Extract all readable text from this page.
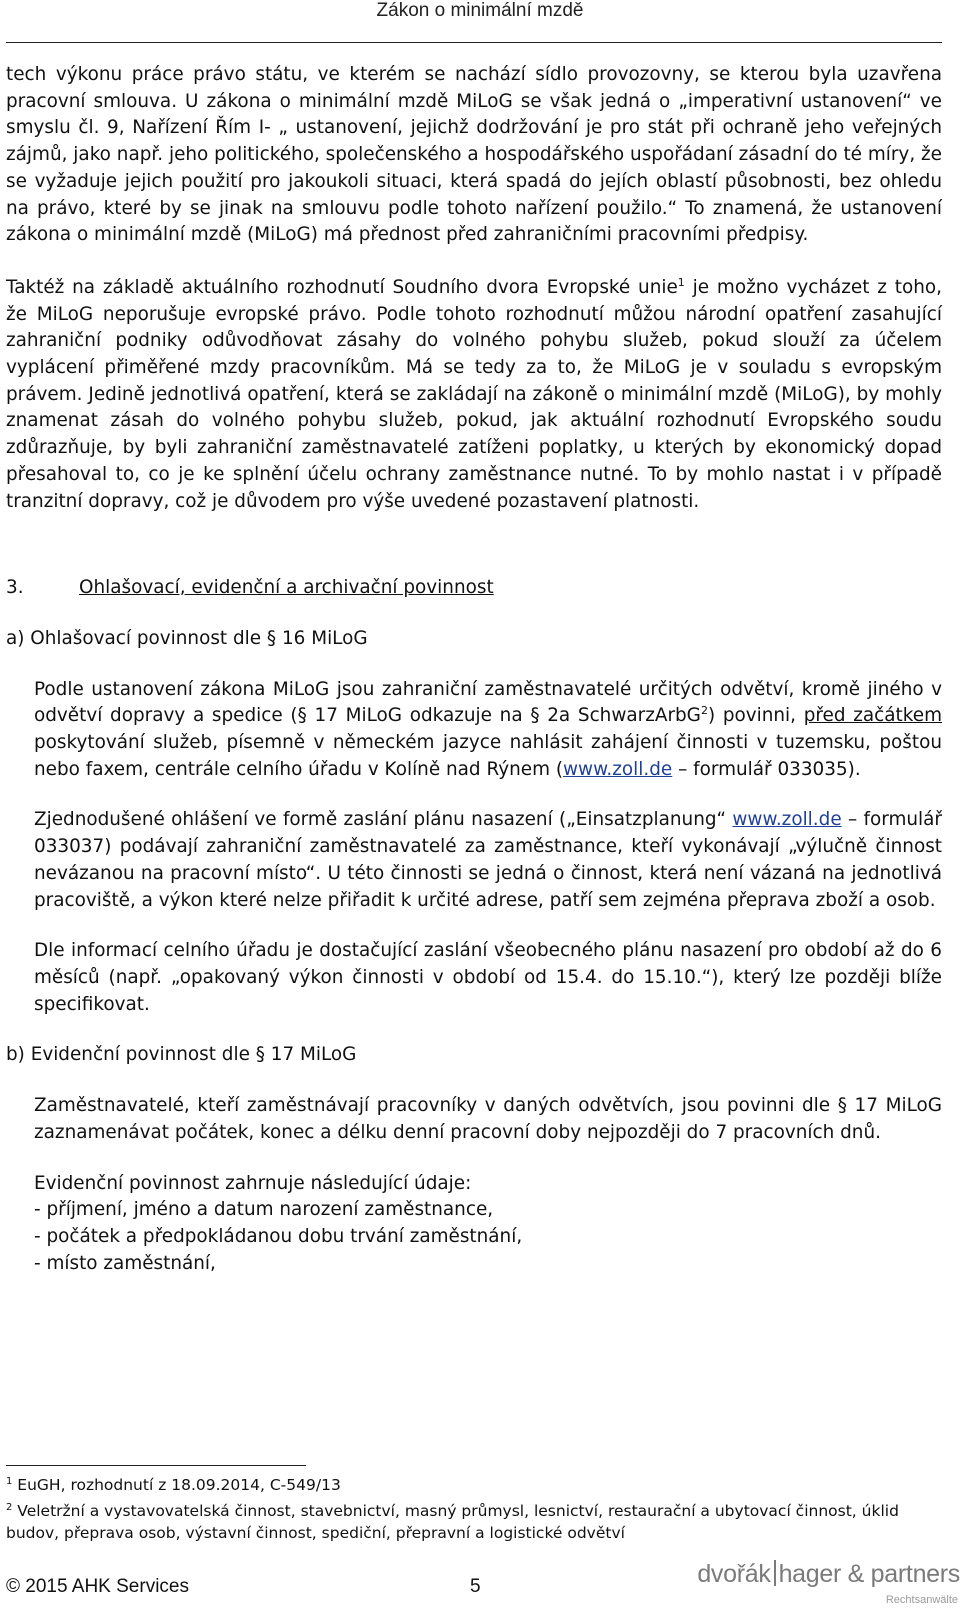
Zákon o minimální mzdě

tech výkonu práce právo státu, ve kterém se nachází sídlo provozovny, se kterou byla uzavřena pracovní smlouva. U zákona o minimální mzdě MiLoG se však jedná o „imperativní ustanovení“ ve smyslu čl. 9, Nařízení Řím I- „ ustanovení, jejichž dodržování je pro stát při ochraně jeho veřejných zájmů, jako např. jeho politického, společenského a hospodářského uspořádaní zásadní do té míry, že se vyžaduje jejich použití pro jakoukoli situaci, která spadá do jejích oblastí působnosti, bez ohledu na právo, které by se jinak na smlouvu podle tohoto nařízení použilo.“ To znamená, že ustanovení zákona o minimální mzdě (MiLoG) má přednost před zahraničními pracovními předpisy.

Taktéž na základě aktuálního rozhodnutí Soudního dvora Evropské unie$^1$ je možno vycházet z toho, že MiLoG neporušuje evropské právo. Podle tohoto rozhodnutí můžou národní opatření zasahující zahraniční podniky odůvodňovat zásahy do volného pohybu služeb, pokud slouží za účelem vyplácení přiměřené mzdy pracovníkům. Má se tedy za to, že MiLoG je v souladu s evropským právem. Jedině jednotlivá opatření, která se zakládají na zákoně o minimální mzdě (MiLoG), by mohly znamenat zásah do volného pohybu služeb, pokud, jak aktuální rozhodnutí Evropského soudu zdůrazňuje, by byli zahraniční zaměstnavatelé zatíženi poplatky, u kterých by ekonomický dopad přesahoval to, co je ke splnění účelu ochrany zaměstnance nutné. To by mohlo nastat i v případě tranzitní dopravy, což je důvodem pro výše uvedené pozastavení platnosti.

3.	Ohlašovací, evidenční a archivační povinnost

a) Ohlašovací povinnost dle § 16 MiLoG

Podle ustanovení zákona MiLoG jsou zahraniční zaměstnavatelé určitých odvětví, kromě jiného v odvětví dopravy a spedice (§ 17 MiLoG odkazuje na § 2a SchwarzArbG$^2$) povinni, před začátkem poskytování služeb, písemně v německém jazyce nahlásit zahájení činnosti v tuzemsku, poštou nebo faxem, centrále celního úřadu v Kolíně nad Rýnem (www.zoll.de – formulář 033035).

Zjednodušené ohlášení ve formě zaslání plánu nasazení („Einsatzplanung“ www.zoll.de – formulář 033037) podávají zahraniční zaměstnavatelé za zaměstnance, kteří vykonávají „výlučně činnost nevázanou na pracovní místo“. U této činnosti se jedná o činnost, která není vázaná na jednotlivá pracoviště, a výkon které nelze přiřadit k určité adrese, patří sem zejména přeprava zboží a osob.

Dle informací celního úřadu je dostačující zaslání všeobecného plánu nasazení pro období až do 6 měsíců (např. „opakovaný výkon činnosti v období od 15.4. do 15.10.“), který lze později blíže specifikovat.

b) Evidenční povinnost dle § 17 MiLoG

Zaměstnavatelé, kteří zaměstnávají pracovníky v daných odvětvích, jsou povinni dle § 17 MiLoG zaznamenávat počátek, konec a délku denní pracovní doby nejpozději do 7 pracovních dnů.

Evidenční povinnost zahrnuje následující údaje:

- příjmení, jméno a datum narození zaměstnance,

- počátek a předpokládanou dobu trvání zaměstnání,

- místo zaměstnání,

$^1$ EuGH, rozhodnutí z 18.09.2014, C-549/13
$^2$ Veletržní a vystavovatelská činnost, stavebnictví, masný průmysl, lesnictví, restaurační a ubytovací činnost, úklid budov, přeprava osob, výstavní činnost, spediční, přepravní a logistické odvětví
© 2015 AHK Services	5	dvořák hager & partners
Rechtsanwälte
